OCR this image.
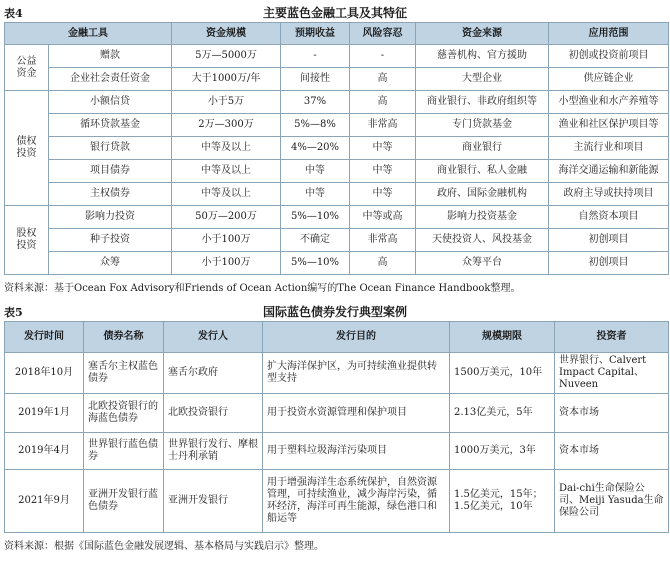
表4	主要蓝色金融工具及其特征
金融工具		资金规模	预期收益	风险容忍	资金来源	应用范围
公益资金	赠款	5万—5000万	-	-	慈善机构、官方援助	初创或投资前项目
	企业社会责任资金	大于1000万/年	间接性	高	大型企业	供应链企业
债权投资	小额信贷	小于5万	37%	高	商业银行、非政府组织等	小型渔业和水产养殖等
	循环贷款基金	2万—300万	5%—8%	非常高	专门贷款基金	渔业和社区保护项目等
	银行贷款	中等及以上	4%—20%	中等	商业银行	主流行业和项目
	项目债券	中等及以上	中等	中等	商业银行、私人金融	海洋交通运输和新能源
	主权债券	中等及以上	中等	中等	政府、国际金融机构	政府主导或扶持项目
股权投资	影响力投资	50万—200万	5%—10%	中等或高	影响力投资基金	自然资本项目
	种子投资	小于100万	不确定	非常高	天使投资人、风投基金	初创项目
	众筹	小于100万	5%—10%	高	众筹平台	初创项目
资料来源：基于Ocean Fox Advisory和Friends of Ocean Action编写的The Ocean Finance Handbook整理。
表5	国际蓝色债券发行典型案例
发行时间	债券名称	发行人	发行目的	规模期限	投资者
2018年10月	塞舌尔主权蓝色债券	塞舌尔政府	扩大海洋保护区，为可持续渔业提供转型支持	1500万美元，10年	世界银行、Calvert Impact Capital、Nuveen
2019年1月	北欧投资银行的海蓝色债券	北欧投资银行	用于投资水资源管理和保护项目	2.13亿美元，5年	资本市场
2019年4月	世界银行蓝色债券	世界银行发行、摩根士丹利承销	用于塑料垃圾海洋污染项目	1000万美元，3年	资本市场
2021年9月	亚洲开发银行蓝色债券	亚洲开发银行	用于增强海洋生态系统保护，自然资源管理，可持续渔业，减少海岸污染，循环经济，海洋可再生能源，绿色港口和船运等	1.5亿美元，15年；1.5亿美元，10年	Dai-chi生命保险公司、Meiji Yasuda生命保险公司
资料来源：根据《国际蓝色金融发展逻辑、基本格局与实践启示》整理。
